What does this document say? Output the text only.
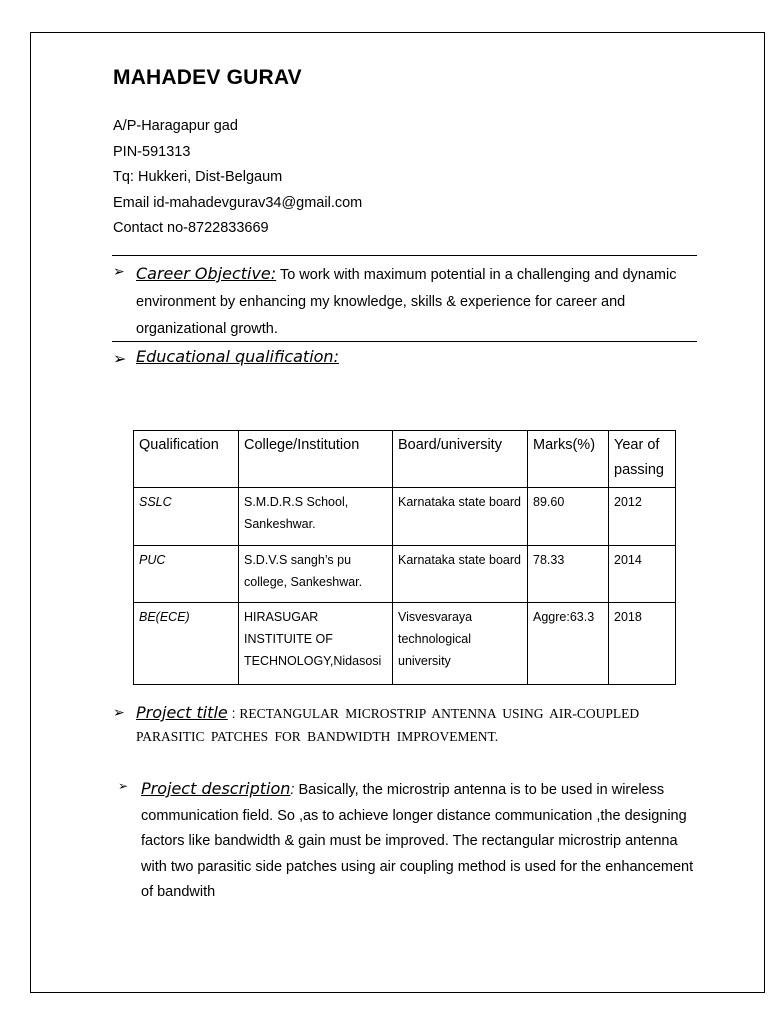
MAHADEV GURAV
A/P-Haragapur gad
PIN-591313
Tq: Hukkeri, Dist-Belgaum
Email id-mahadevgurav34@gmail.com
Contact no-8722833669
➢ Career Objective: To work with maximum potential in a challenging and dynamic environment by enhancing my knowledge, skills & experience for career and organizational growth.
➢ Educational qualification:
Qualification	College/Institution	Board/university	Marks(%)	Year of passing
SSLC	S.M.D.R.S School, Sankeshwar.	Karnataka state board	89.60	2012
PUC	S.D.V.S sangh’s pu college, Sankeshwar.	Karnataka state board	78.33	2014
BE(ECE)	HIRASUGAR INSTITUITE OF TECHNOLOGY,Nidasosi	Visvesvaraya technological university	Aggre:63.3	2018
➢ Project title : RECTANGULAR MICROSTRIP ANTENNA USING AIR-COUPLED PARASITIC PATCHES FOR BANDWIDTH IMPROVEMENT.
➢ Project description: Basically, the microstrip antenna is to be used in wireless communication field. So ,as to achieve longer distance communication ,the designing factors like bandwidth & gain must be improved. The rectangular microstrip antenna with two parasitic side patches using air coupling method is used for the enhancement of bandwith
